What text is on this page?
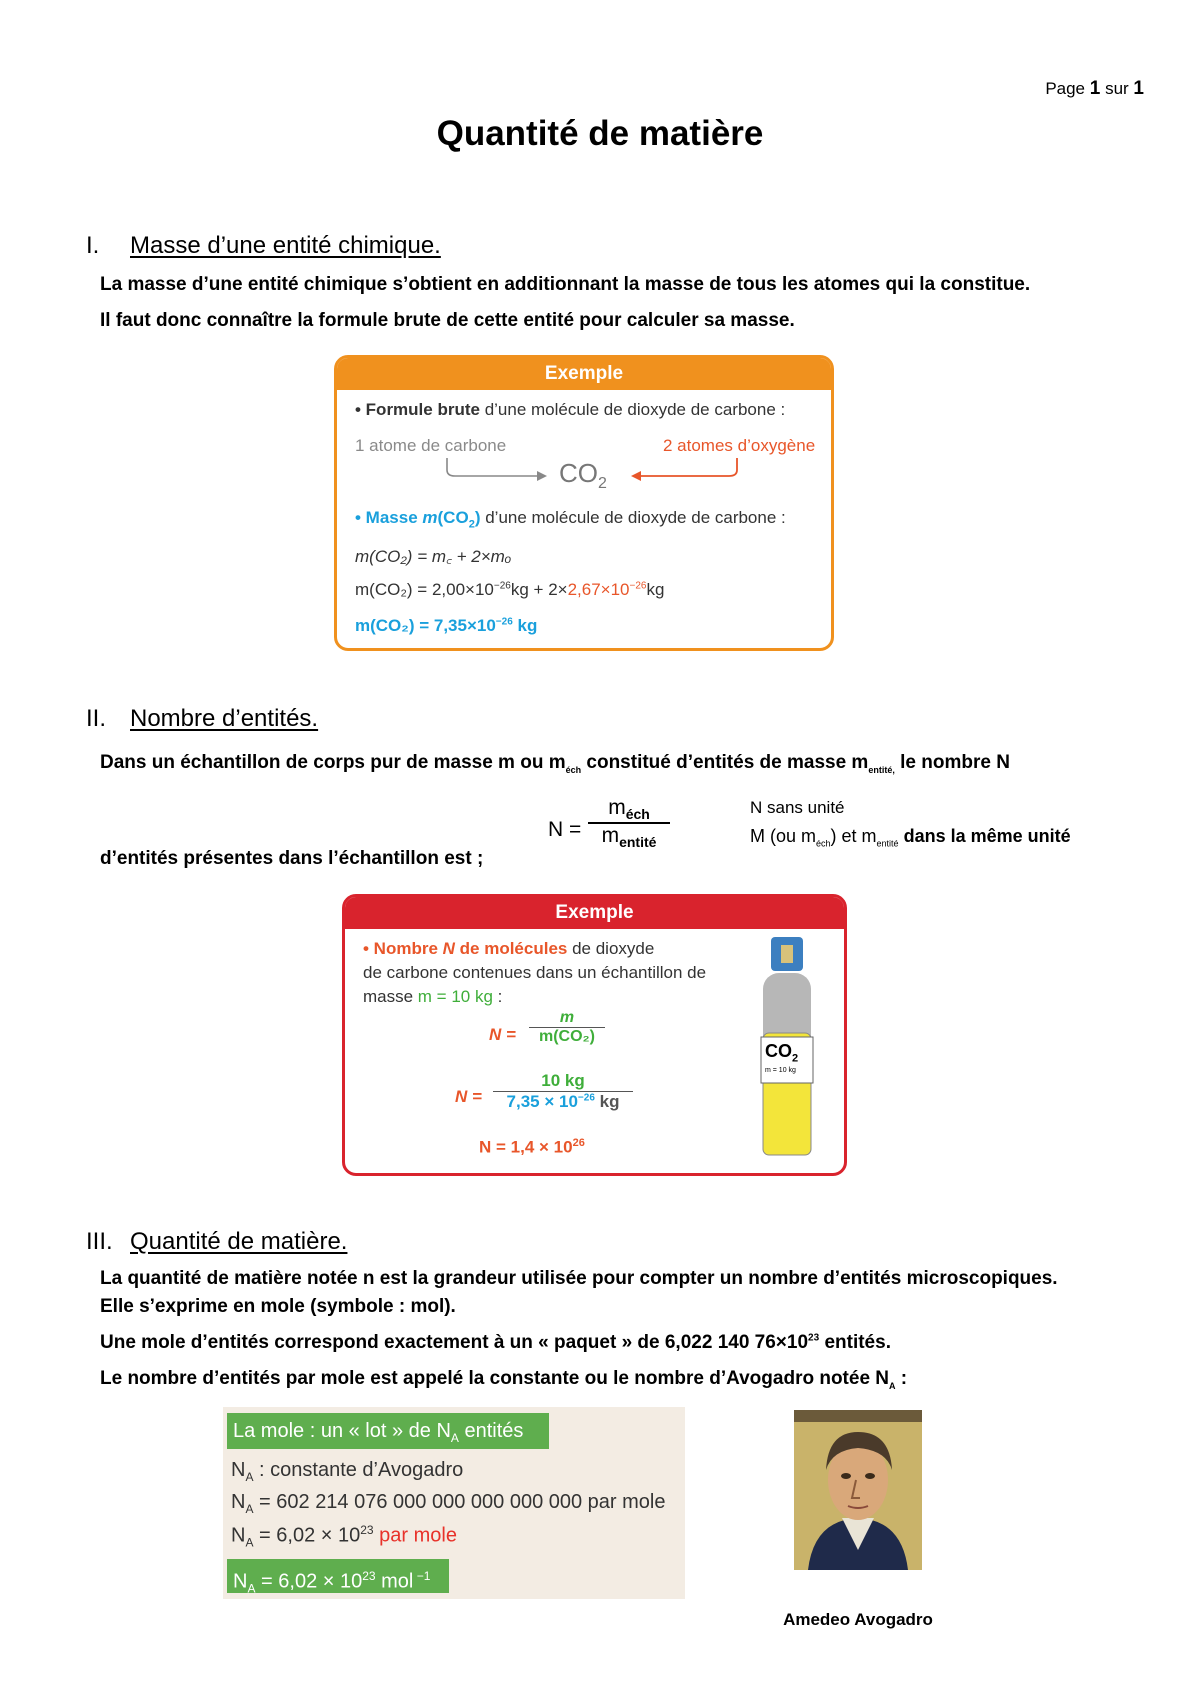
Page 1 sur 1
Quantité de matière
I. Masse d’une entité chimique.
La masse d’une entité chimique s’obtient en additionnant la masse de tous les atomes qui la constitue.
Il faut donc connaître la formule brute de cette entité pour calculer sa masse.
Exemple
• Formule brute d’une molécule de dioxyde de carbone :
1 atome de carbone	2 atomes d’oxygène
$CO_2$
• Masse $m(CO_2)$ d’une molécule de dioxyde de carbone :
m(CO₂) = m꜀ + 2×mₒ
$m(CO_2) = 2,00\times 10^{-26}kg + 2\times 2,67\times 10^{-26}kg$
$m(CO_2) = 7,35\times 10^{-26}$ kg
II. Nombre d’entités.
Dans un échantillon de corps pur de masse m ou $m_{éch}$ constitué d’entités de masse $m_{entité,}$ le nombre N
d’entités présentes dans l’échantillon est ;
N =
$m_{éch}$
$m_{entité}$
N sans unité
M (ou $m_{éch}$) et $m_{entité}$ dans la même unité
Exemple
• Nombre N de molécules de dioxyde
de carbone contenues dans un échantillon de
masse m = 10 kg :
N =
m
m(CO₂)
N =
10 kg
$7,35 \times 10^{-26}$ kg
$N = 1,4 \times 10^{26}$
$CO_2$
m = 10 kg
III. Quantité de matière.
La quantité de matière notée n est la grandeur utilisée pour compter un nombre d’entités microscopiques.
Elle s’exprime en mole (symbole : mol).
Une mole d’entités correspond exactement à un « paquet » de 6,022 140 $76\times 10^{23}$ entités.
Le nombre d’entités par mole est appelé la constante ou le nombre d’Avogadro notée $N_A$ :
La mole : un « lot » de $N_A$ entités
$N_A$ : constante d’Avogadro
$N_A = 602$ 214 076 000 000 000 000 000 par mole
$N_A = 6,02 \times 10^{23}$ par mole
$N_A = 6,02 \times 10^{23}$ mol $^{-1}$
Amedeo Avogadro
